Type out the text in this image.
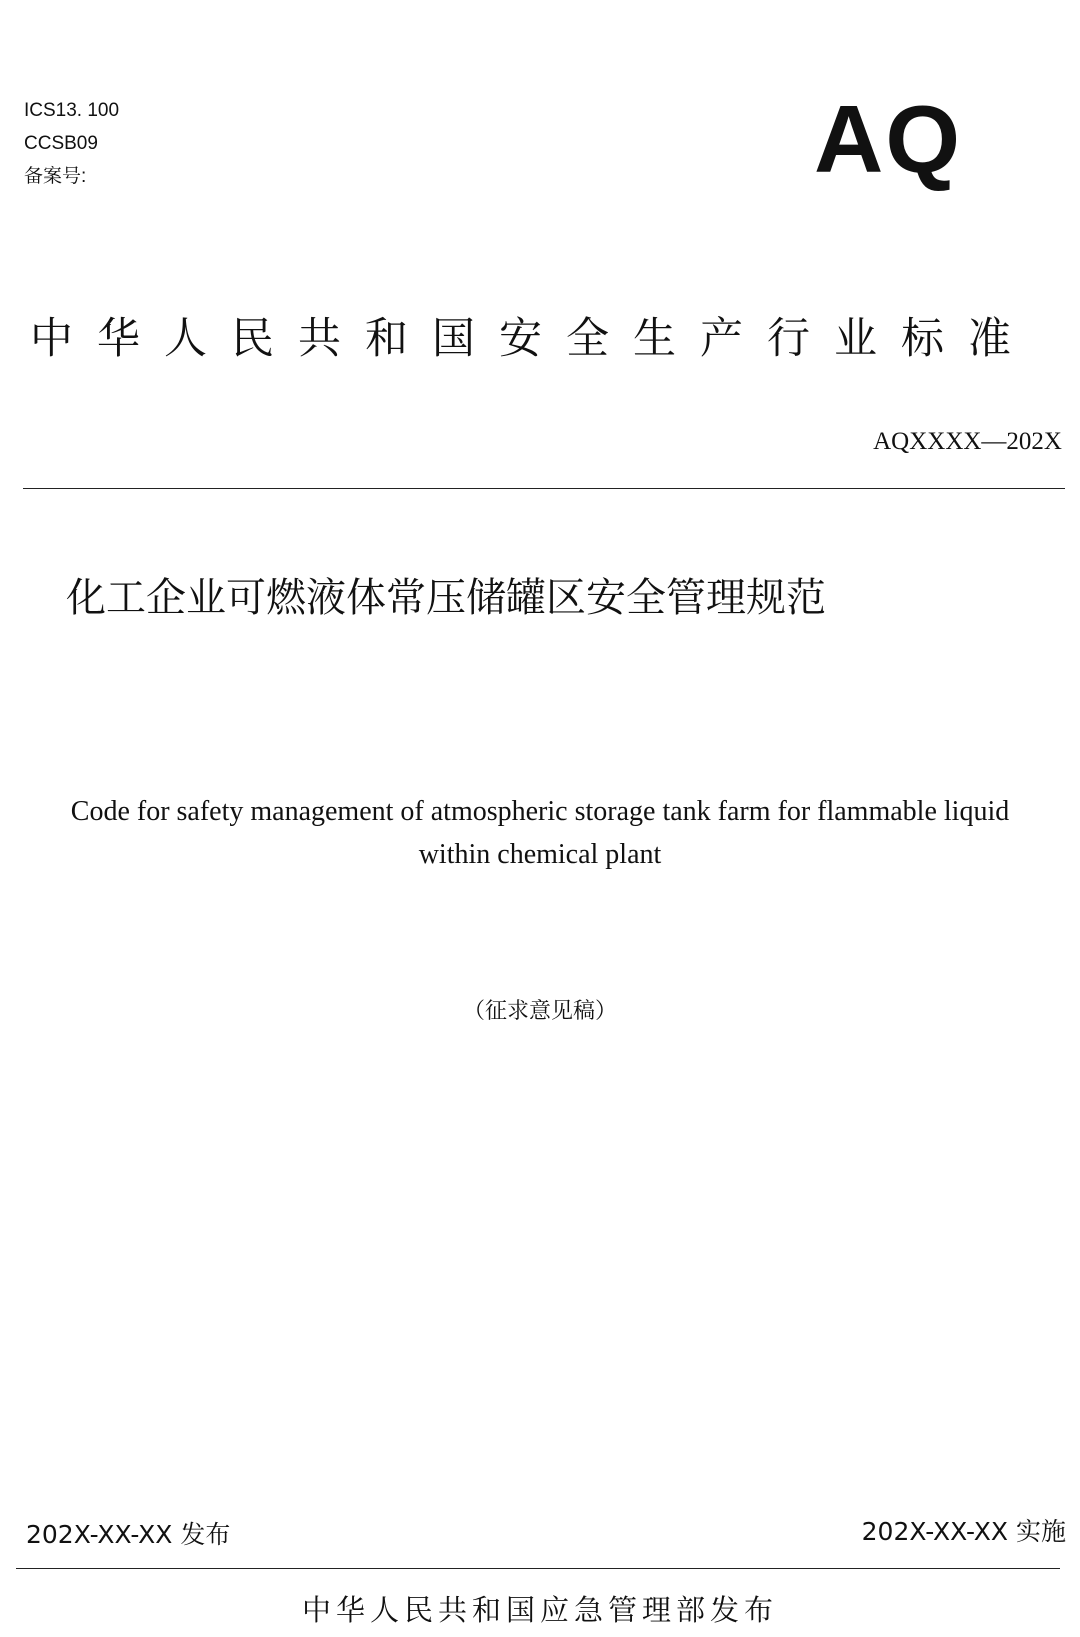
ICS13. 100
CCSB09
备案号:	AQ
中华人民共和国安全生产行业标准
AQXXXX—202X
化工企业可燃液体常压储罐区安全管理规范
Code for safety management of atmospheric storage tank farm for flammable liquid
within chemical plant
（征求意见稿）
202X-XX-XX 发布	202X-XX-XX 实施
中华人民共和国应急管理部发布
